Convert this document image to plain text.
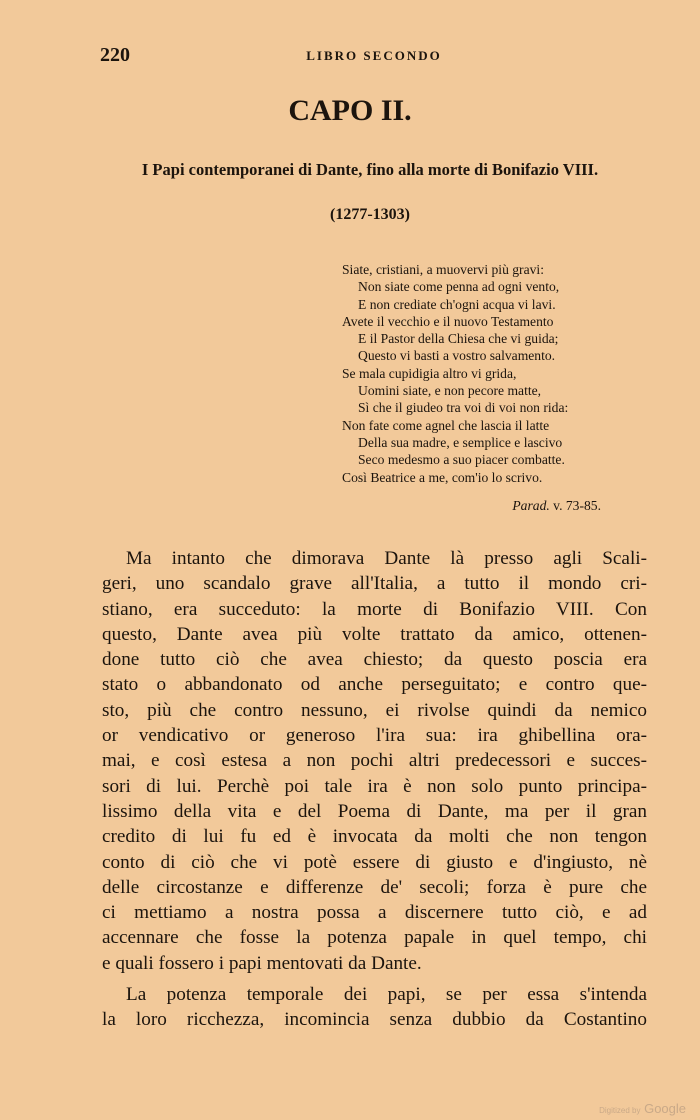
220	LIBRO SECONDO
CAPO II.
I Papi contemporanei di Dante, fino alla morte di Bonifazio VIII.
(1277-1303)
Siate, cristiani, a muovervi più gravi:
Non siate come penna ad ogni vento,
E non crediate ch'ogni acqua vi lavi.
Avete il vecchio e il nuovo Testamento
E il Pastor della Chiesa che vi guida;
Questo vi basti a vostro salvamento.
Se mala cupidigia altro vi grida,
Uomini siate, e non pecore matte,
Sì che il giudeo tra voi di voi non rida:
Non fate come agnel che lascia il latte
Della sua madre, e semplice e lascivo
Seco medesmo a suo piacer combatte.
Così Beatrice a me, com'io lo scrivo.
Parad. v. 73-85.
Ma intanto che dimorava Dante là presso agli Scali-
geri, uno scandalo grave all'Italia, a tutto il mondo cri-
stiano, era succeduto: la morte di Bonifazio VIII. Con
questo, Dante avea più volte trattato da amico, ottenen-
done tutto ciò che avea chiesto; da questo poscia era
stato o abbandonato od anche perseguitato; e contro que-
sto, più che contro nessuno, ei rivolse quindi da nemico
or vendicativo or generoso l'ira sua: ira ghibellina ora-
mai, e così estesa a non pochi altri predecessori e succes-
sori di lui. Perchè poi tale ira è non solo punto principa-
lissimo della vita e del Poema di Dante, ma per il gran
credito di lui fu ed è invocata da molti che non tengon
conto di ciò che vi potè essere di giusto e d'ingiusto, nè
delle circostanze e differenze de' secoli; forza è pure che
ci mettiamo a nostra possa a discernere tutto ciò, e ad
accennare che fosse la potenza papale in quel tempo, chi
e quali fossero i papi mentovati da Dante.
La potenza temporale dei papi, se per essa s'intenda
la loro ricchezza, incomincia senza dubbio da Costantino
Digitized by Google
